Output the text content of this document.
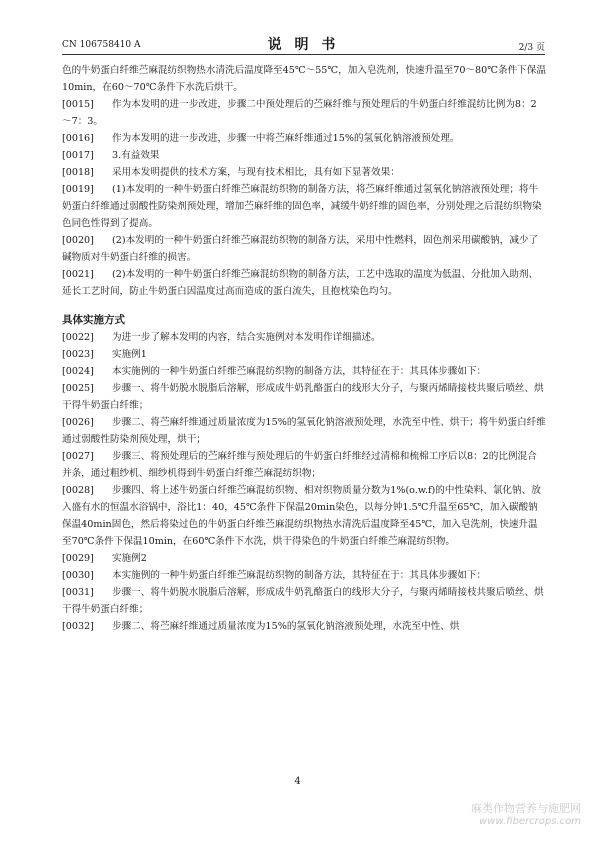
CN 106758410 A	说 明 书	2/3 页

色的牛奶蛋白纤维苎麻混纺织物热水清洗后温度降至45℃～55℃，加入皂洗剂，快速升温至70～80℃条件下保温10min，在60～70℃条件下水洗后烘干。

[0015] 作为本发明的进一步改进，步骤二中预处理后的苎麻纤维与预处理后的牛奶蛋白纤维混纺比例为8：2～7：3。

[0016] 作为本发明的进一步改进，步骤一中将苎麻纤维通过15%的氢氧化钠溶液预处理。

[0017] 3.有益效果

[0018] 采用本发明提供的技术方案，与现有技术相比，具有如下显著效果：

[0019] (1)本发明的一种牛奶蛋白纤维苎麻混纺织物的制备方法，将苎麻纤维通过氢氧化钠溶液预处理；将牛奶蛋白纤维通过弱酸性防染剂预处理，增加苎麻纤维的固色率，减缓牛奶纤维的固色率，分别处理之后混纺织物染色同色性得到了提高。

[0020] (2)本发明的一种牛奶蛋白纤维苎麻混纺织物的制备方法，采用中性燃料，固色剂采用碳酸钠，减少了碱物质对牛奶蛋白纤维的损害。

[0021] (2)本发明的一种牛奶蛋白纤维苎麻混纺织物的制备方法，工艺中选取的温度为低温、分批加入助剂、延长工艺时间，防止牛奶蛋白因温度过高而造成的蛋白流失，且抱枕染色均匀。

具体实施方式

[0022] 为进一步了解本发明的内容，结合实施例对本发明作详细描述。

[0023] 实施例1

[0024] 本实施例的一种牛奶蛋白纤维苎麻混纺织物的制备方法，其特征在于：其具体步骤如下：

[0025] 步骤一、将牛奶脱水脱脂后溶解，形成成牛奶乳酪蛋白的线形大分子，与聚丙烯睛接枝共聚后喷丝、烘干得牛奶蛋白纤维；

[0026] 步骤二、将苎麻纤维通过质量浓度为15%的氢氧化钠溶液预处理，水洗至中性、烘干；将牛奶蛋白纤维通过弱酸性防染剂预处理，烘干；

[0027] 步骤三、将预处理后的苎麻纤维与预处理后的牛奶蛋白纤维经过清棉和梳棉工序后以8：2的比例混合并条，通过粗纱机、细纱机得到牛奶蛋白纤维苎麻混纺织物；

[0028] 步骤四、将上述牛奶蛋白纤维苎麻混纺织物、相对织物质量分数为1%(o.w.f)的中性染料、氯化钠、放入盛有水的恒温水浴锅中，浴比1：40，45℃条件下保温20min染色，以每分钟1.5℃升温至65℃，加入碳酸钠保温40min固色，然后将染过色的牛奶蛋白纤维苎麻混纺织物热水清洗后温度降至45℃，加入皂洗剂，快速升温至70℃条件下保温10min，在60℃条件下水洗，烘干得染色的牛奶蛋白纤维苎麻混纺织物。

[0029] 实施例2

[0030] 本实施例的一种牛奶蛋白纤维苎麻混纺织物的制备方法，其特征在于：其具体步骤如下：

[0031] 步骤一、将牛奶脱水脱脂后溶解，形成成牛奶乳酪蛋白的线形大分子，与聚丙烯睛接枝共聚后喷丝、烘干得牛奶蛋白纤维；

[0032] 步骤二、将苎麻纤维通过质量浓度为15%的氢氧化钠溶液预处理，水洗至中性、烘

4
麻类作物营养与施肥网
www.fibercrops.com
